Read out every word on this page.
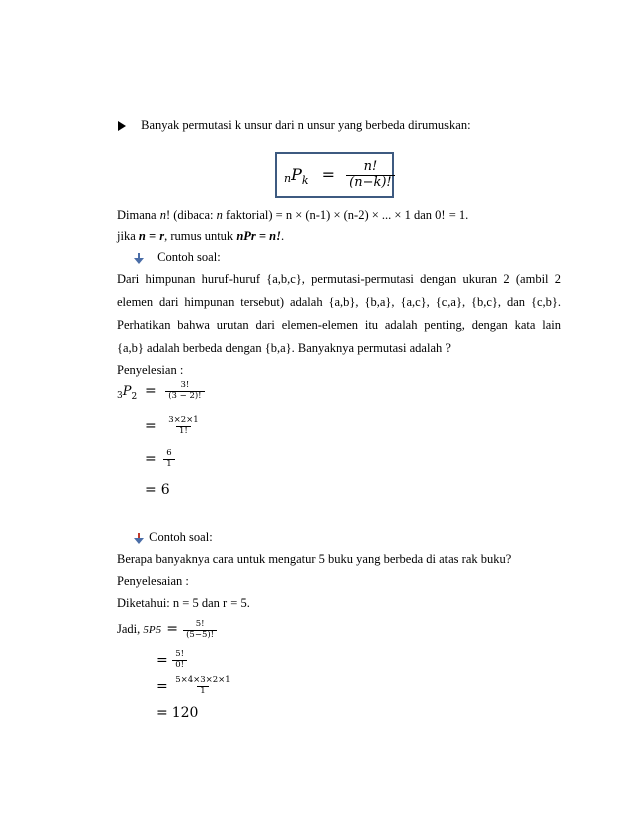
Banyak permutasi k unsur dari n unsur yang berbeda dirumuskan:
$nP_k = \frac{n!}{(n-k)!}$
Dimana n! (dibaca: n faktorial) = n × (n-1) × (n-2) × ... × 1 dan 0! = 1.
jika n = r, rumus untuk nPr = n!.
Contoh soal:
Dari himpunan huruf-huruf {a,b,c}, permutasi-permutasi dengan ukuran 2 (ambil 2
elemen dari himpunan tersebut) adalah {a,b}, {b,a}, {a,c}, {c,a}, {b,c}, dan {c,b}.
Perhatikan bahwa urutan dari elemen-elemen itu adalah penting, dengan kata lain
{a,b} adalah berbeda dengan {b,a}. Banyaknya permutasi adalah ?
Penyelesian :
$_3P_2 = \frac{3!}{(3 - 2)!}$
= $\frac{3\times 2\times 1}{1!}$
= $\frac{6}{1}$
= 6
Contoh soal:
Berapa banyaknya cara untuk mengatur 5 buku yang berbeda di atas rak buku?
Penyelesaian :
Diketahui: n = 5 dan r = 5.
Jadi, $5P5 = \frac{5!}{(5-5)!}$
= $\frac{5!}{0!}$
= $\frac{5\times 4\times 3\times 2\times 1}{1}$
= 120
